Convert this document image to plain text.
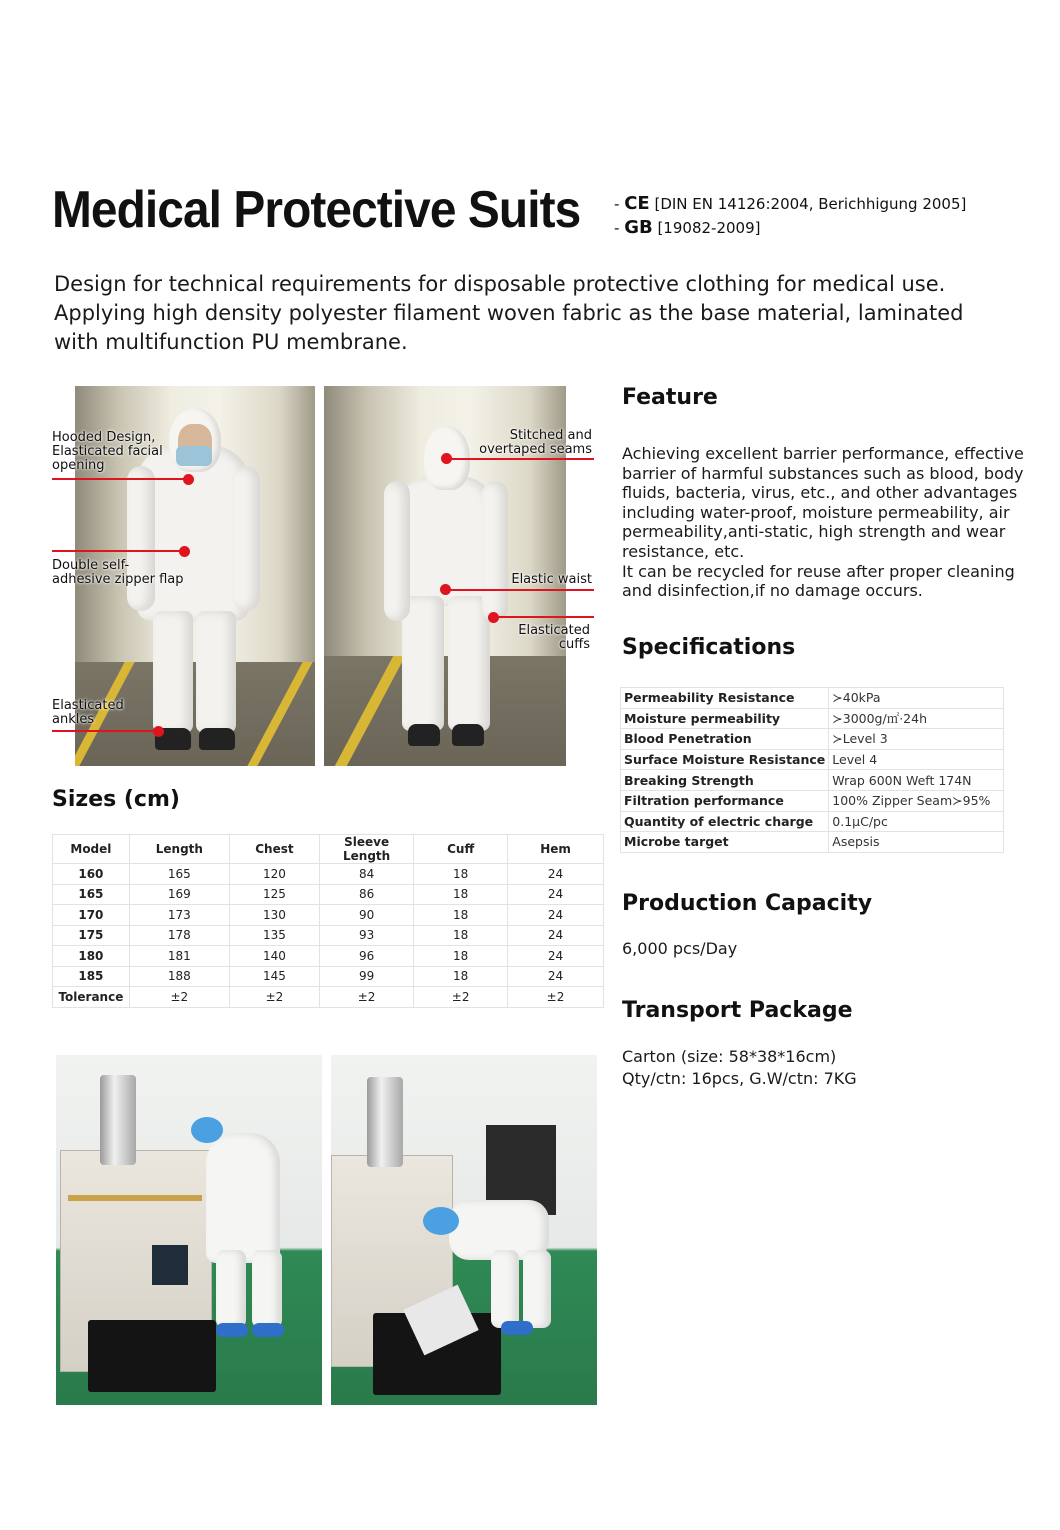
Medical Protective Suits - CE [DIN EN 14126:2004, Berichhigung 2005]
- GB [19082-2009]
Design for technical requirements for disposable protective clothing for medical use. Applying high density polyester filament woven fabric as the base material, laminated with multifunction PU membrane.
Hooded Design,
Elasticated facial
opening
Double self-
adhesive zipper flap
Elasticated
ankles
Stitched and
overtaped seams
Elastic waist
Elasticated
cuffs
Sizes (cm)
Model	Length	Chest	Sleeve Length	Cuff	Hem
160	165	120	84	18	24
165	169	125	86	18	24
170	173	130	90	18	24
175	178	135	93	18	24
180	181	140	96	18	24
185	188	145	99	18	24
Tolerance	±2	±2	±2	±2	±2
Feature
Achieving excellent barrier performance, effective barrier of harmful substances such as blood, body fluids, bacteria, virus, etc., and other advantages including water-proof, moisture permeability, air permeability,anti-static, high strength and wear resistance, etc.
It can be recycled for reuse after proper cleaning and disinfection,if no damage occurs.
Specifications
Permeability Resistance	≻40kPa
Moisture permeability	≻3000g/㎡·24h
Blood Penetration	≻Level 3
Surface Moisture Resistance	Level 4
Breaking Strength	Wrap 600N Weft 174N
Filtration performance	100% Zipper Seam≻95%
Quantity of electric charge	0.1μC/pc
Microbe target	Asepsis
Production Capacity
6,000 pcs/Day
Transport Package
Carton (size: 58*38*16cm)
Qty/ctn: 16pcs, G.W/ctn: 7KG
